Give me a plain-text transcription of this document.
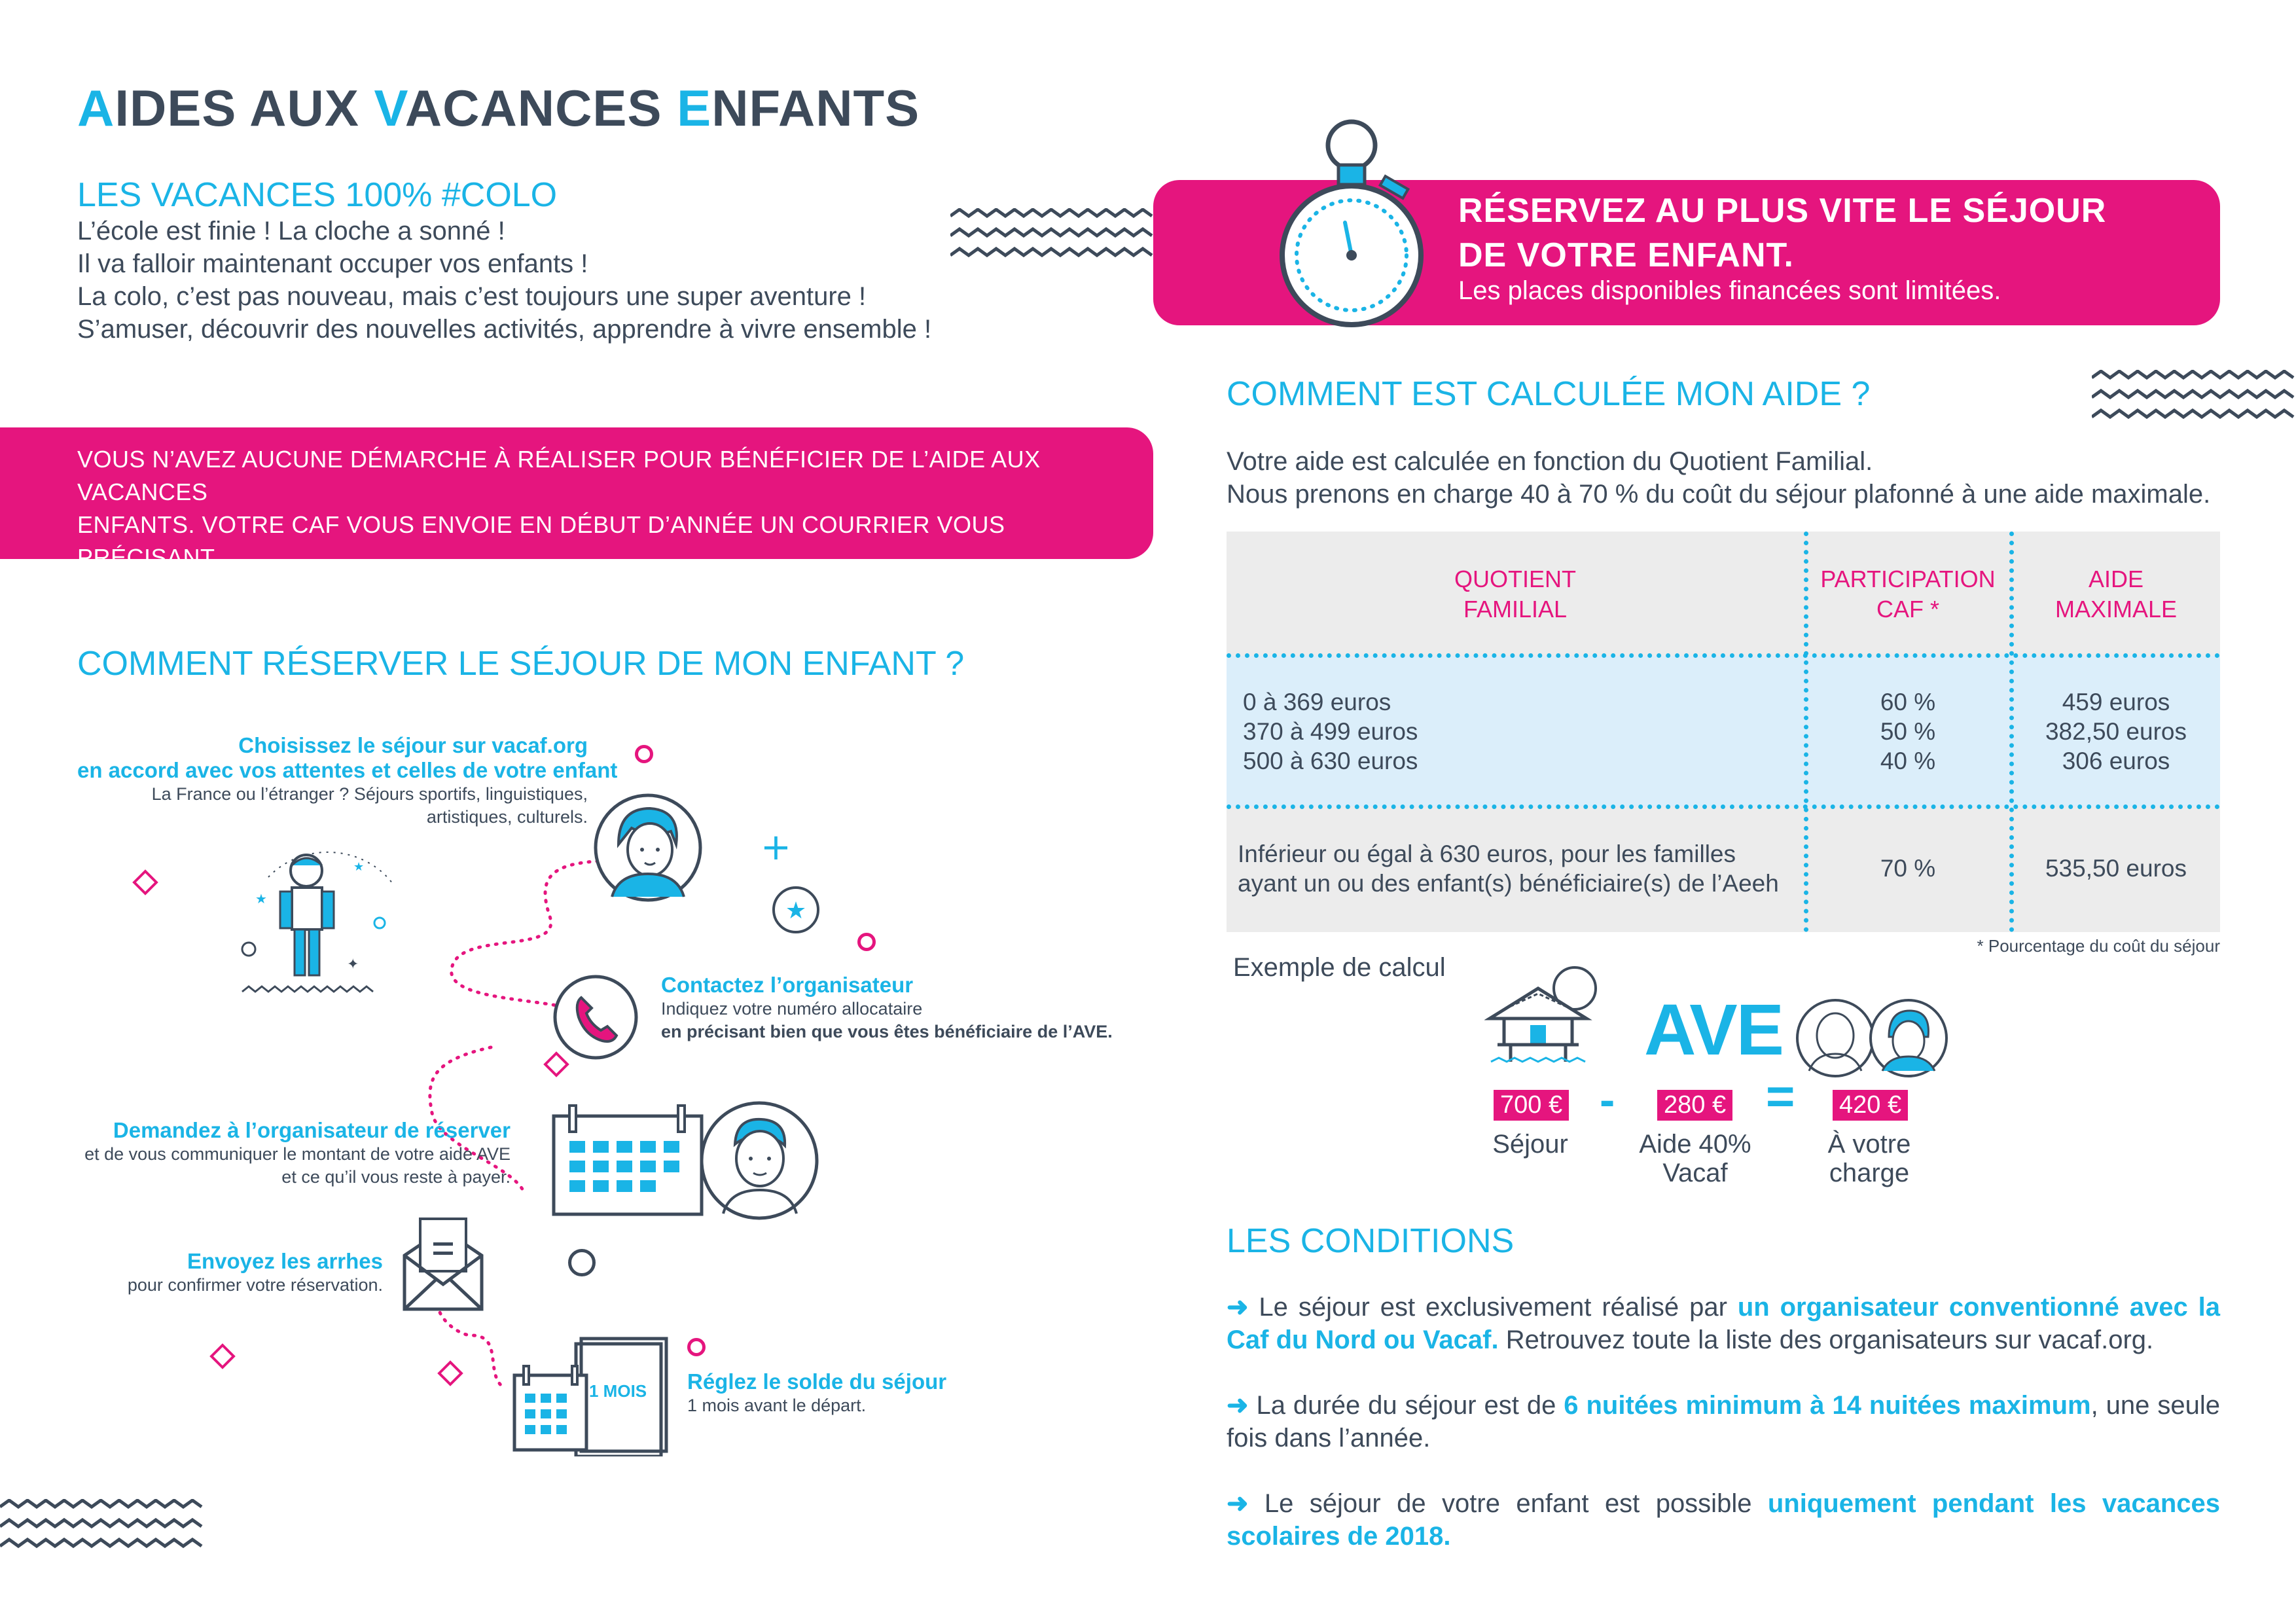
AIDES AUX VACANCES ENFANTS
LES VACANCES 100% #COLO
L’école est finie ! La cloche a sonné !
Il va falloir maintenant occuper vos enfants !
La colo, c’est pas nouveau, mais c’est toujours une super aventure !
S’amuser, découvrir des nouvelles activités, apprendre à vivre ensemble !
VOUS N’AVEZ AUCUNE DÉMARCHE À RÉALISER POUR BÉNÉFICIER DE L’AIDE AUX VACANCES
ENFANTS. VOTRE CAF VOUS ENVOIE EN DÉBUT D’ANNÉE UN COURRIER VOUS PRÉCISANT
LA DURÉE, LE TAUX DE L’AIDE, LE PLAFOND...
COMMENT RÉSERVER LE SÉJOUR DE MON ENFANT ?
Choisissez le séjour sur vacaf.org
en accord avec vos attentes et celles de votre enfant
La France ou l’étranger ? Séjours sportifs, linguistiques,
artistiques, culturels.
★
★
✦
+
★
Contactez l’organisateur
Indiquez votre numéro allocataire
en précisant bien que vous êtes bénéficiaire de l’AVE.
Demandez à l’organisateur de réserver
et de vous communiquer le montant de votre aide AVE
et ce qu’il vous reste à payer.
Envoyez les arrhes
pour confirmer votre réservation.
1 MOIS Réglez le solde du séjour
1 mois avant le départ.
RÉSERVEZ AU PLUS VITE LE SÉJOUR
DE VOTRE ENFANT.
Les places disponibles financées sont limitées.
COMMENT EST CALCULÉE MON AIDE ?
Votre aide est calculée en fonction du Quotient Familial.
Nous prenons en charge 40 à 70 % du coût du séjour plafonné à une aide maximale.
QUOTIENT
FAMILIAL
PARTICIPATION
CAF *
AIDE
MAXIMALE
0 à 369 euros
370 à 499 euros
500 à 630 euros
60 %
50 %
40 %
459 euros
382,50 euros
306 euros
Inférieur ou égal à 630 euros, pour les familles
ayant un ou des enfant(s) bénéficiaire(s) de l’Aeeh
70 %	535,50 euros
* Pourcentage du coût du séjour
Exemple de calcul
AVE
700 € - 280 € = 420 €
Séjour	Aide 40%
Vacaf
À votre
charge
LES CONDITIONS
➜ Le séjour est exclusivement réalisé par un organisateur conventionné avec la Caf du Nord ou Vacaf. Retrouvez toute la liste des organisateurs sur vacaf.org.
➜ La durée du séjour est de 6 nuitées minimum à 14 nuitées maximum, une seule fois dans l’année.
➜ Le séjour de votre enfant est possible uniquement pendant les vacances scolaires de 2018.
